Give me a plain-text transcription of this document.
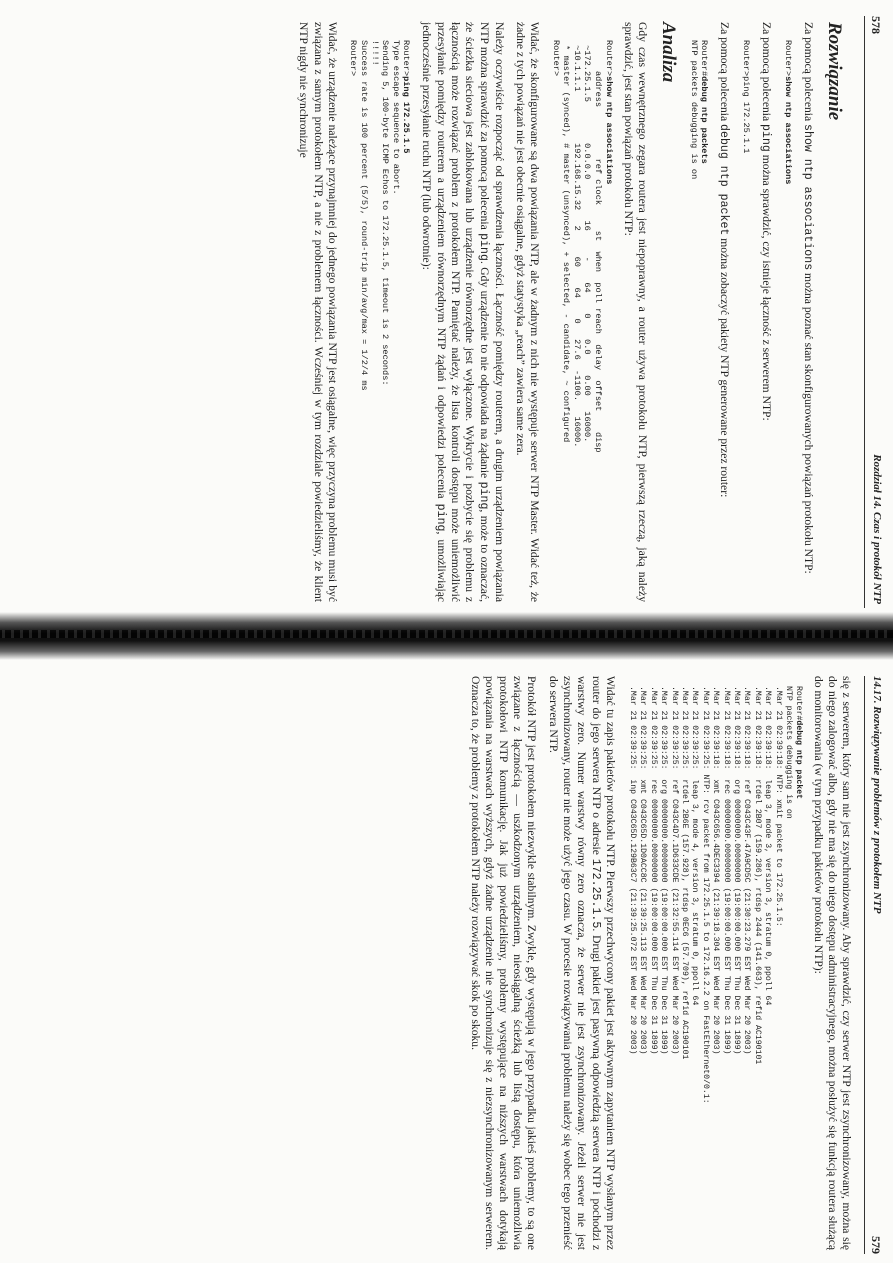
578
Rozdział 14. Czas i protokół NTP
Rozwiązanie

Za pomocą polecenia show ntp associations można poznać stan skonfigurowanych powiązań protokołu NTP:

Router>show ntp associations

Za pomocą polecenia ping można sprawdzić, czy istnieje łączność z serwerem NTP:

Router>ping 172.25.1.1

Za pomocą polecenia debug ntp packet można zobaczyć pakiety NTP generowane przez router:

Router#debug ntp packets
NTP packets debugging is on
Analiza

Gdy czas wewnętrznego zegara routera jest niepoprawny, a router używa protokołu NTP, pierwszą rzeczą, jaką należy sprawdzić, jest stan powiązań protokołu NTP:

Router>show ntp associations
address          ref clock     st  when  poll reach  delay  offset    disp
~172.25.1.5        0.0.0.0        16     -    64    0    0.0    0.00   16000.
~10.1.1.1          192.168.15.32   2     60    64    0   27.6  -1100.   16000.
* master (synced), # master (unsynced), + selected, - candidate, ~ configured
Router>

Widać, że skonfigurowane są dwa powiązania NTP, ale w żadnym z nich nie występuje serwer NTP Master. Widać też, że żadne z tych powiązań nie jest obecnie osiągalne, gdyż statystyka „reach” zawiera same zera.

Należy oczywiście rozpocząć od sprawdzenia łączności. Łączność pomiędzy routerem, a drugim urządzeniem powiązania NTP można sprawdzić za pomocą polecenia ping. Gdy urządzenie to nie odpowiada na żądanie ping, może to oznaczać, że ścieżka sieciowa jest zablokowana lub urządzenie równorzędne jest wyłączone. Wykrycie i pozbycie się problemu z łącznością może rozwiązać problem z protokołem NTP. Pamiętać należy, że lista kontroli dostępu może uniemożliwić przesyłanie pomiędzy routerem a urządzeniem równorzędnym NTP żądań i odpowiedzi polecenia ping, umożliwiając jednocześnie przesyłanie ruchu NTP (lub odwrotnie):

Router>ping 172.25.1.5
Type escape sequence to abort.
Sending 5, 100-byte ICMP Echos to 172.25.1.5, timeout is 2 seconds:
!!!!!
Success rate is 100 percent (5/5), round-trip min/avg/max = 1/2/4 ms
Router>

Widać, że urządzenie należące przynajmniej do jednego powiązania NTP jest osiągalne, więc przyczyna problemu musi być związana z samym protokołem NTP, a nie z problemem łączności. Wcześniej w tym rozdziale powiedzieliśmy, że klient NTP nigdy nie synchronizuje

14.17. Rozwiązywanie problemów z protokołem NTP
579

się z serwerem, który sam nie jest zsynchronizowany. Aby sprawdzić, czy serwer NTP jest zsynchronizowany, można się do niego zalogować albo, gdy nie ma się do niego dostępu administracyjnego, można posłużyć się funkcją routera służącą do monitorowania (w tym przypadku pakietów protokołu NTP):

Router#debug ntp packet
NTP packets debugging is on
.Mar 21 02:39:18: NTP: xmit packet to 172.25.1.5:
.Mar 21 02:39:18:  leap 3, mode 3, version 3, stratum 0, ppoll 64
.Mar 21 02:39:18:  rtdel 2B07 (159.286), rtdsp 2444 (141.663), refid AC190101
.Mar 21 02:39:18:  ref C043C43F.47A9CD5C (21:30:23.279 EST Wed Mar 20 2003)
.Mar 21 02:39:18:  org 00000000.00000000 (19:00:00.000 EST Thu Dec 31 1899)
.Mar 21 02:39:18:  rec 00000000.00000000 (19:00:00.000 EST Thu Dec 31 1899)
.Mar 21 02:39:18:  xmt C043C656.4DEC3394 (21:39:18.304 EST Wed Mar 20 2003)
.Mar 21 02:39:25: NTP: rcv packet from 172.25.1.5 to 172.16.2.2 on FastEthernet0/0.1:
.Mar 21 02:39:25:  leap 3, mode 4, version 3, stratum 0, ppoll 64
.Mar 21 02:39:25:  rtdel 2B6E (157.928), rtdsp 0EC6 (57.709), refid AC190101
.Mar 21 02:39:25:  ref C043C4D7.1D633CDE (21:32:55.114 EST Wed Mar 20 2003)
.Mar 21 02:39:25:  org 00000000.00000000 (19:00:00.000 EST Thu Dec 31 1899)
.Mar 21 02:39:25:  rec 00000000.00000000 (19:00:00.000 EST Thu Dec 31 1899)
.Mar 21 02:39:25:  xmt C043C65D.1D0ACC8C (21:39:25.113 EST Wed Mar 20 2003)
.Mar 21 02:39:25:  inp C043C65D.129B63C7 (21:39:25.072 EST Wed Mar 20 2003)

Widać tu zapis pakietów protokołu NTP. Pierwszy przechwycony pakiet jest aktywnym zapytaniem NTP wysłanym przez router do jego serwera NTP o adresie 172.25.1.5. Drugi pakiet jest pasywną odpowiedzią serwera NTP i pochodzi z warstwy zero. Numer warstwy równy zero oznacza, że serwer nie jest zsynchronizowany. Jeżeli serwer nie jest zsynchronizowany, router nie może użyć jego czasu. W procesie rozwiązywania problemu należy się wobec tego przenieść do serwera NTP.

Protokół NTP jest protokołem niezwykle stabilnym. Zwykle, gdy występują w jego przypadku jakieś problemy, to są one związane z łącznością — uszkodzonym urządzeniem, nieosiągalną ścieżką lub listą dostępu, która uniemożliwia protokołowi NTP komunikację. Jak już powiedzieliśmy, problemy występujące na niższych warstwach dotykają powiązania na warstwach wyższych, gdyż żadne urządzenie nie synchronizuje się z niezsynchronizowanym serwerem. Oznacza to, że problemy z protokołem NTP należy rozwiązywać skok po skoku.
